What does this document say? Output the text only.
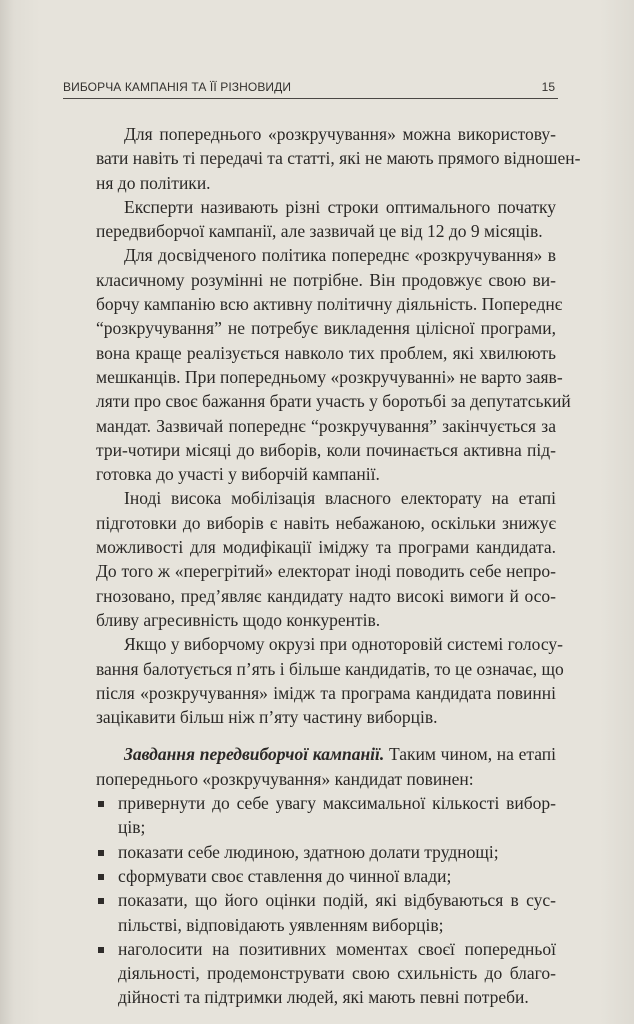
ВИБОРЧА КАМПАНІЯ ТА ЇЇ РІЗНОВИДИ	15
Для попереднього «розкручування» можна використову-
вати навіть ті передачі та статті, які не мають прямого відношен-
ня до політики.
Експерти називають різні строки оптимального початку
передвиборчої кампанії, але зазвичай це від 12 до 9 місяців.
Для досвідченого політика попереднє «розкручування» в
класичному розумінні не потрібне. Він продовжує свою ви-
борчу кампанію всю активну політичну діяльність. Попереднє
“розкручування” не потребує викладення цілісної програми,
вона краще реалізується навколо тих проблем, які хвилюють
мешканців. При попередньому «розкручуванні» не варто заяв-
ляти про своє бажання брати участь у боротьбі за депутатський
мандат. Зазвичай попереднє “розкручування” закінчується за
три-чотири місяці до виборів, коли починається активна під-
готовка до участі у виборчій кампанії.
Іноді висока мобілізація власного електорату на етапі
підготовки до виборів є навіть небажаною, оскільки знижує
можливості для модифікації іміджу та програми кандидата.
До того ж «перегрітий» електорат іноді поводить себе непро-
гнозовано, пред’являє кандидату надто високі вимоги й осо-
бливу агресивність щодо конкурентів.
Якщо у виборчому окрузі при одноторовій системі голосу-
вання балотується п’ять і більше кандидатів, то це означає, що
після «розкручування» імідж та програма кандидата повинні
зацікавити більш ніж п’яту частину виборців.
Завдання передвиборчої кампанії. Таким чином, на етапі
попереднього «розкручування» кандидат повинен:
привернути до себе увагу максимальної кількості вибор-
ців;
показати себе людиною, здатною долати труднощі;
сформувати своє ставлення до чинної влади;
показати, що його оцінки подій, які відбуваються в сус-
пільстві, відповідають уявленням виборців;
наголосити на позитивних моментах своєї попередньої
діяльності, продемонструвати свою схильність до благо-
дійності та підтримки людей, які мають певні потреби.
